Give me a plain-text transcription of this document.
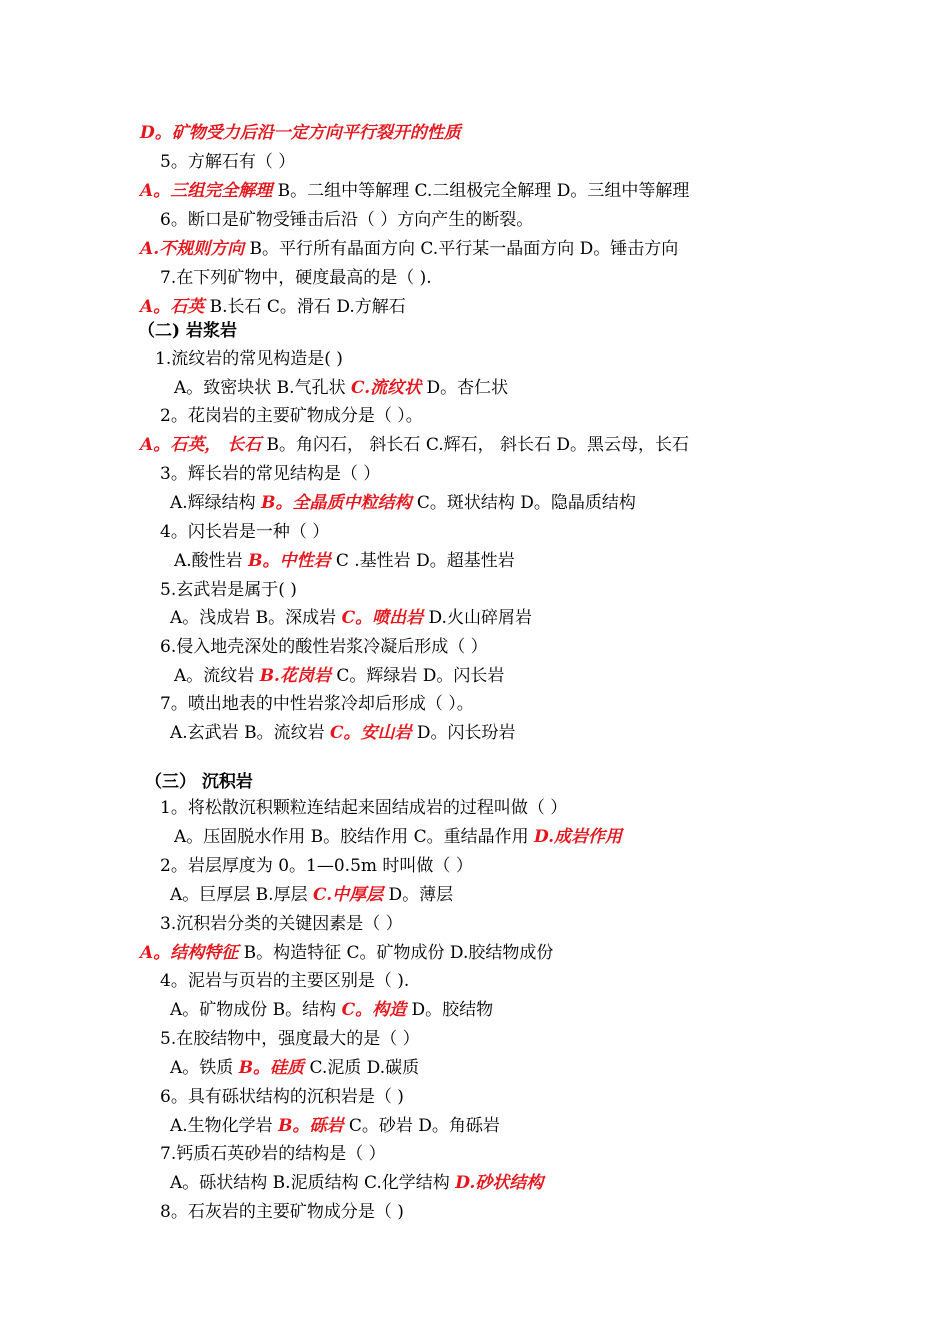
D。矿物受力后沿一定方向平行裂开的性质
5。方解石有（ ）
A。三组完全解理 B。二组中等解理 C.二组极完全解理 D。三组中等解理
6。断口是矿物受锤击后沿（ ）方向产生的断裂。
A.不规则方向 B。平行所有晶面方向 C.平行某一晶面方向 D。锤击方向
7.在下列矿物中，硬度最高的是（ ).
A。石英 B.长石 C。滑石 D.方解石
（二) 岩浆岩
1.流纹岩的常见构造是( )
A。致密块状 B.气孔状 C.流纹状 D。杏仁状
2。花岗岩的主要矿物成分是（ ）。
A。石英， 长石 B。角闪石， 斜长石 C.辉石， 斜长石 D。黑云母，长石
3。辉长岩的常见结构是（ ）
A.辉绿结构 B。全晶质中粒结构 C。斑状结构 D。隐晶质结构
4。闪长岩是一种（ ）
A.酸性岩 B。中性岩 C .基性岩 D。超基性岩
5.玄武岩是属于( )
A。浅成岩 B。深成岩 C。喷出岩 D.火山碎屑岩
6.侵入地壳深处的酸性岩浆冷凝后形成（ ）
A。流纹岩 B.花岗岩 C。辉绿岩 D。闪长岩
7。喷出地表的中性岩浆冷却后形成（ ）。
A.玄武岩 B。流纹岩 C。安山岩 D。闪长玢岩
（三） 沉积岩
1。将松散沉积颗粒连结起来固结成岩的过程叫做（ ）
A。压固脱水作用 B。胶结作用 C。重结晶作用 D.成岩作用
2。岩层厚度为 0。1—0.5m 时叫做（ ）
A。巨厚层 B.厚层 C.中厚层 D。薄层
3.沉积岩分类的关键因素是（ ）
A。结构特征 B。构造特征 C。矿物成份 D.胶结物成份
4。泥岩与页岩的主要区别是（ ).
A。矿物成份 B。结构 C。构造 D。胶结物
5.在胶结物中，强度最大的是（ ）
A。铁质 B。硅质 C.泥质 D.碳质
6。具有砾状结构的沉积岩是（ )
A.生物化学岩 B。砾岩 C。砂岩 D。角砾岩
7.钙质石英砂岩的结构是（ ）
A。砾状结构 B.泥质结构 C.化学结构 D.砂状结构
8。石灰岩的主要矿物成分是（ )
